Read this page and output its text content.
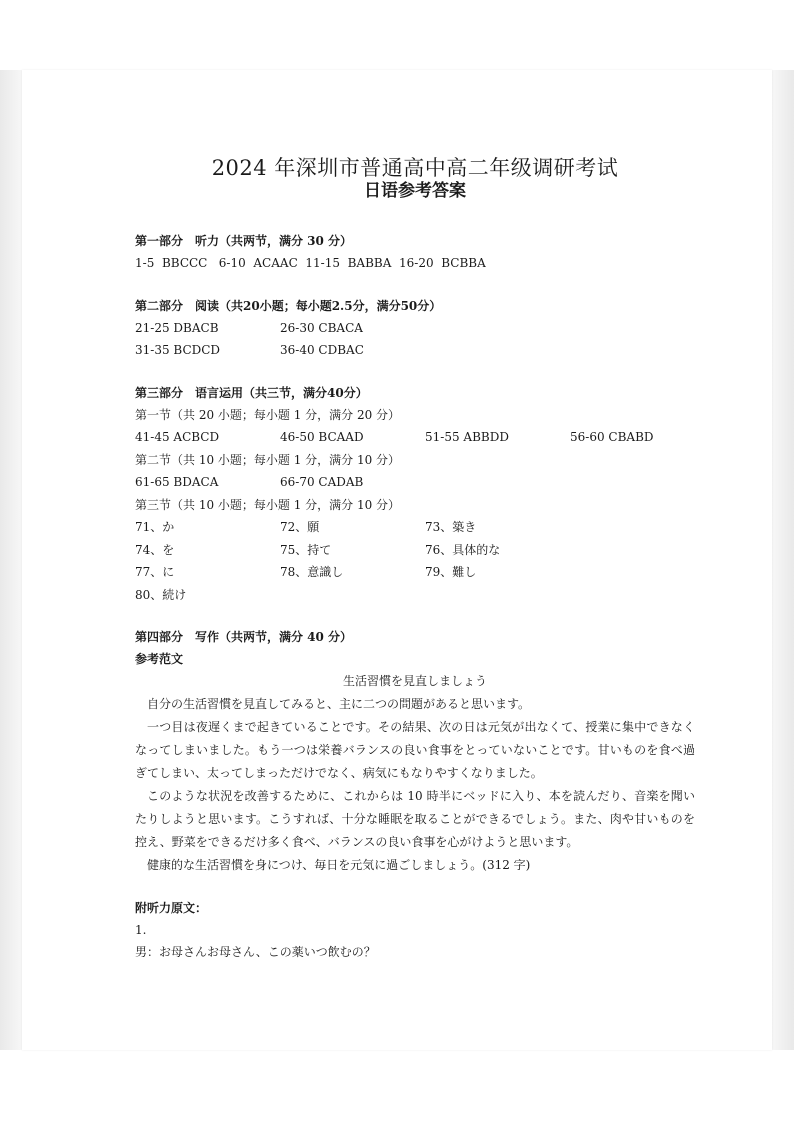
2024 年深圳市普通高中高二年级调研考试
日语参考答案

第一部分　听力（共两节，满分 30 分）

1-5  BBCCC   6-10  ACAAC  11-15  BABBA  16-20  BCBBA

第二部分　阅读（共20小题；每小题2.5分，满分50分）

21-25 DBACB	26-30 CBACA
31-35 BCDCD	36-40 CDBAC

第三部分　语言运用（共三节，满分40分）

第一节（共 20 小题；每小题 1 分，满分 20 分）

41-45 ACBCD	46-50 BCAAD	51-55 ABBDD	56-60 CBABD

第二节（共 10 小题；每小题 1 分，满分 10 分）

61-65 BDACA	66-70 CADAB

第三节（共 10 小题；每小题 1 分，满分 10 分）

71、か	72、願	73、築き
74、を	75、持て	76、具体的な
77、に	78、意識し	79、難し
80、続け

第四部分　写作（共两节，满分 40 分）

参考范文

生活習慣を見直しましょう

自分の生活習慣を見直してみると、主に二つの問題があると思います。

一つ目は夜遅くまで起きていることです。その結果、次の日は元気が出なくて、授業に集中できなくなってしまいました。もう一つは栄養バランスの良い食事をとっていないことです。甘いものを食べ過ぎてしまい、太ってしまっただけでなく、病気にもなりやすくなりました。

このような状況を改善するために、これからは 10 時半にベッドに入り、本を読んだり、音楽を聞いたりしようと思います。こうすれば、十分な睡眠を取ることができるでしょう。また、肉や甘いものを控え、野菜をできるだけ多く食べ、バランスの良い食事を心がけようと思います。

健康的な生活習慣を身につけ、毎日を元気に過ごしましょう。(312 字)

附听力原文：

1.

男：お母さんお母さん、この薬いつ飲むの？
